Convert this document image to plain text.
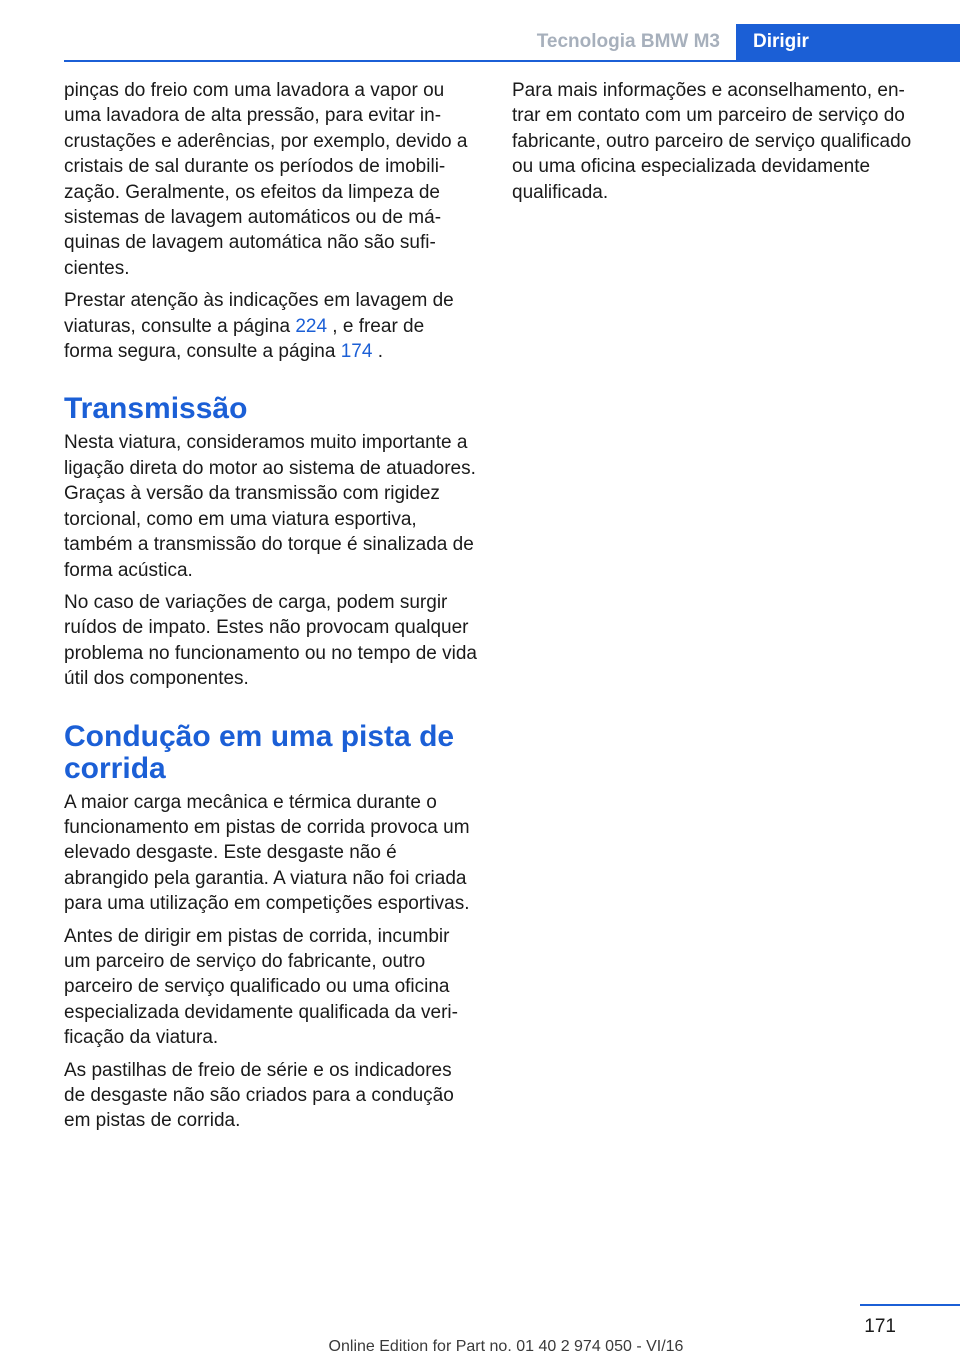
Tecnologia BMW M3	Dirigir

pinças do freio com uma lavadora a vapor ou uma lavadora de alta pressão, para evitar incrustações e aderências, por exemplo, devido a cristais de sal durante os períodos de imobilização. Geralmente, os efeitos da limpeza de sistemas de lavagem automáticos ou de máquinas de lavagem automática não são suficientes.

Prestar atenção às indicações em lavagem de viaturas, consulte a página 224 , e frear de forma segura, consulte a página 174 .

Transmissão

Nesta viatura, consideramos muito importante a ligação direta do motor ao sistema de atuadores. Graças à versão da transmissão com rigidez torcional, como em uma viatura esportiva, também a transmissão do torque é sinalizada de forma acústica.

No caso de variações de carga, podem surgir ruídos de impato. Estes não provocam qualquer problema no funcionamento ou no tempo de vida útil dos componentes.

Condução em uma pista de corrida

A maior carga mecânica e térmica durante o funcionamento em pistas de corrida provoca um elevado desgaste. Este desgaste não é abrangido pela garantia. A viatura não foi criada para uma utilização em competições esportivas.

Antes de dirigir em pistas de corrida, incumbir um parceiro de serviço do fabricante, outro parceiro de serviço qualificado ou uma oficina especializada devidamente qualificada da verificação da viatura.

As pastilhas de freio de série e os indicadores de desgaste não são criados para a condução em pistas de corrida.

Para mais informações e aconselhamento, entrar em contato com um parceiro de serviço do fabricante, outro parceiro de serviço qualificado ou uma oficina especializada devidamente qualificada.

171
Online Edition for Part no. 01 40 2 974 050 - VI/16
